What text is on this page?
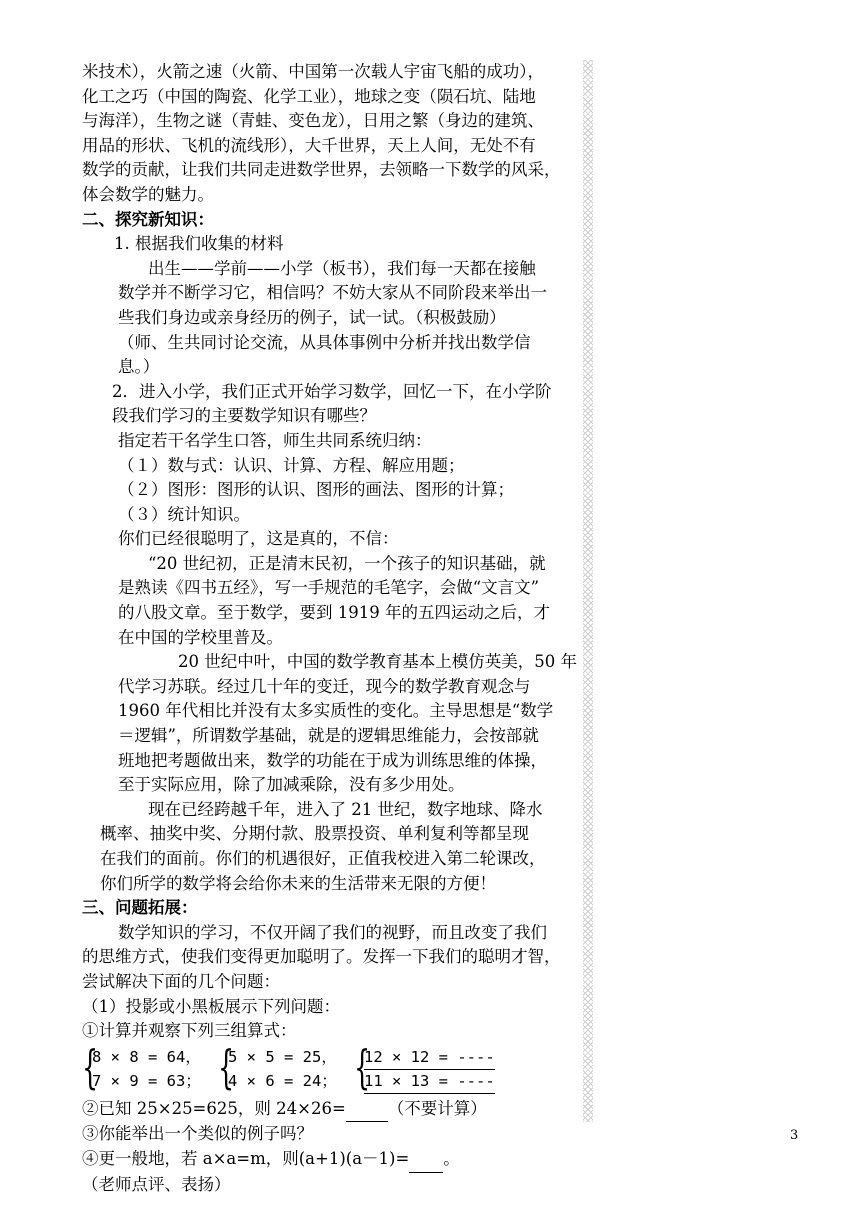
米技术），火箭之速（火箭、中国第一次载人宇宙飞船的成功），

化工之巧（中国的陶瓷、化学工业），地球之变（陨石坑、陆地

与海洋），生物之谜（青蛙、变色龙），日用之繁（身边的建筑、

用品的形状、飞机的流线形），大千世界，天上人间，无处不有

数学的贡献，让我们共同走进数学世界，去领略一下数学的风采，

体会数学的魅力。

二、探究新知识：

1. 根据我们收集的材料

出生——学前——小学（板书），我们每一天都在接触

数学并不断学习它，相信吗？不妨大家从不同阶段来举出一

些我们身边或亲身经历的例子，试一试。（积极鼓励）

（师、生共同讨论交流，从具体事例中分析并找出数学信

息。）

2．进入小学，我们正式开始学习数学，回忆一下，在小学阶

段我们学习的主要数学知识有哪些？

指定若干名学生口答，师生共同系统归纳：

（１）数与式：认识、计算、方程、解应用题；

（２）图形：图形的认识、图形的画法、图形的计算；

（３）统计知识。

你们已经很聪明了，这是真的，不信：

“20 世纪初，正是清末民初，一个孩子的知识基础，就

是熟读《四书五经》，写一手规范的毛笔字，会做“文言文”

的八股文章。至于数学，要到 1919 年的五四运动之后，才

在中国的学校里普及。

20 世纪中叶，中国的数学教育基本上模仿英美，50 年

代学习苏联。经过几十年的变迁，现今的数学教育观念与

1960 年代相比并没有太多实质性的变化。主导思想是“数学

＝逻辑”，所谓数学基础，就是的逻辑思维能力，会按部就

班地把考题做出来，数学的功能在于成为训练思维的体操，

至于实际应用，除了加减乘除，没有多少用处。

现在已经跨越千年，进入了 21 世纪，数字地球、降水

概率、抽奖中奖、分期付款、股票投资、单利复利等都呈现

在我们的面前。你们的机遇很好，正值我校进入第二轮课改，

你们所学的数学将会给你未来的生活带来无限的方便！

三、问题拓展：

数学知识的学习，不仅开阔了我们的视野，而且改变了我们

的思维方式，使我们变得更加聪明了。发挥一下我们的聪明才智，

尝试解决下面的几个问题：

（1）投影或小黑板展示下列问题：

①计算并观察下列三组算式：

{
8 × 8 = 64，
7 × 9 = 63； {
5 × 5 = 25，
4 × 6 = 24； {
12 × 12 = ----
11 × 13 = ----

②已知 25×25=625，则 24×26=	（不要计算）

③你能举出一个类似的例子吗？

④更一般地，若 a×a=m，则(a+1)(a－1)= 。

（老师点评、表扬）

3
